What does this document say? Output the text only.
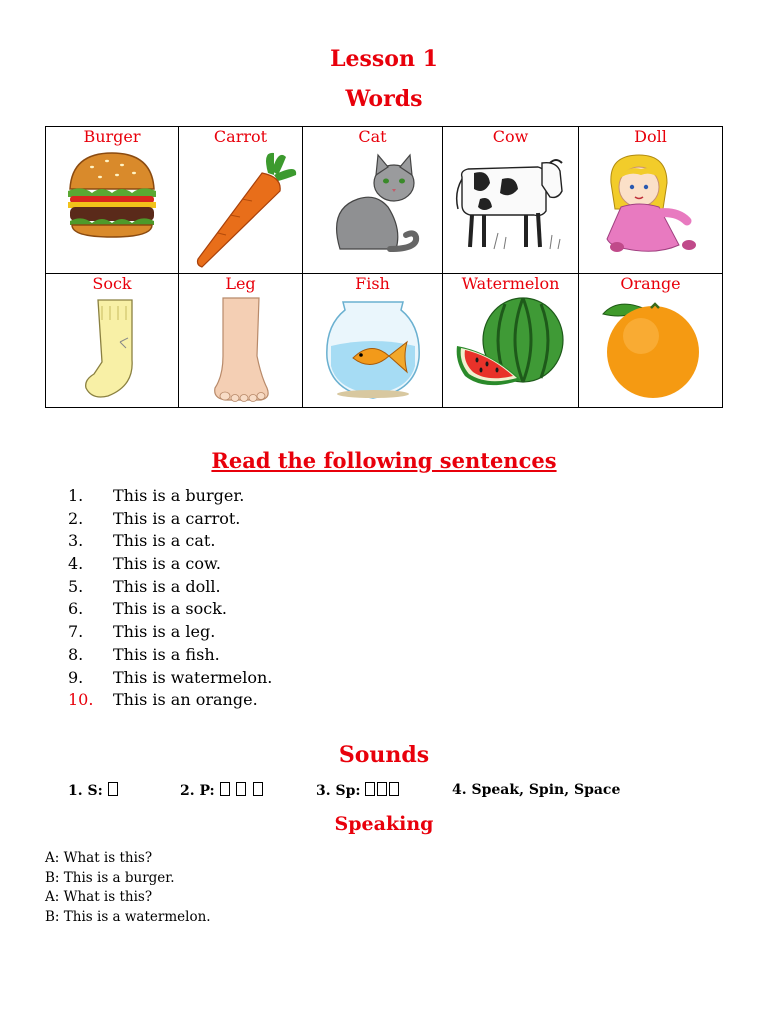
Lesson 1
Words
Burger	Carrot	Cat	Cow	Doll

Sock	Leg	Fish	Watermelon	Orange
Read the following sentences
1. This is a burger.
2. This is a carrot.
3. This is a cat.
4. This is a cow.
5. This is a doll.
6. This is a sock.
7. This is a leg.
8. This is a fish.
9. This is watermelon.
10. This is an orange.
Sounds
1. S:	2. P:	3. Sp:	4. Speak, Spin, Space
Speaking
A: What is this?
B: This is a burger.
A: What is this?
B: This is a watermelon.
